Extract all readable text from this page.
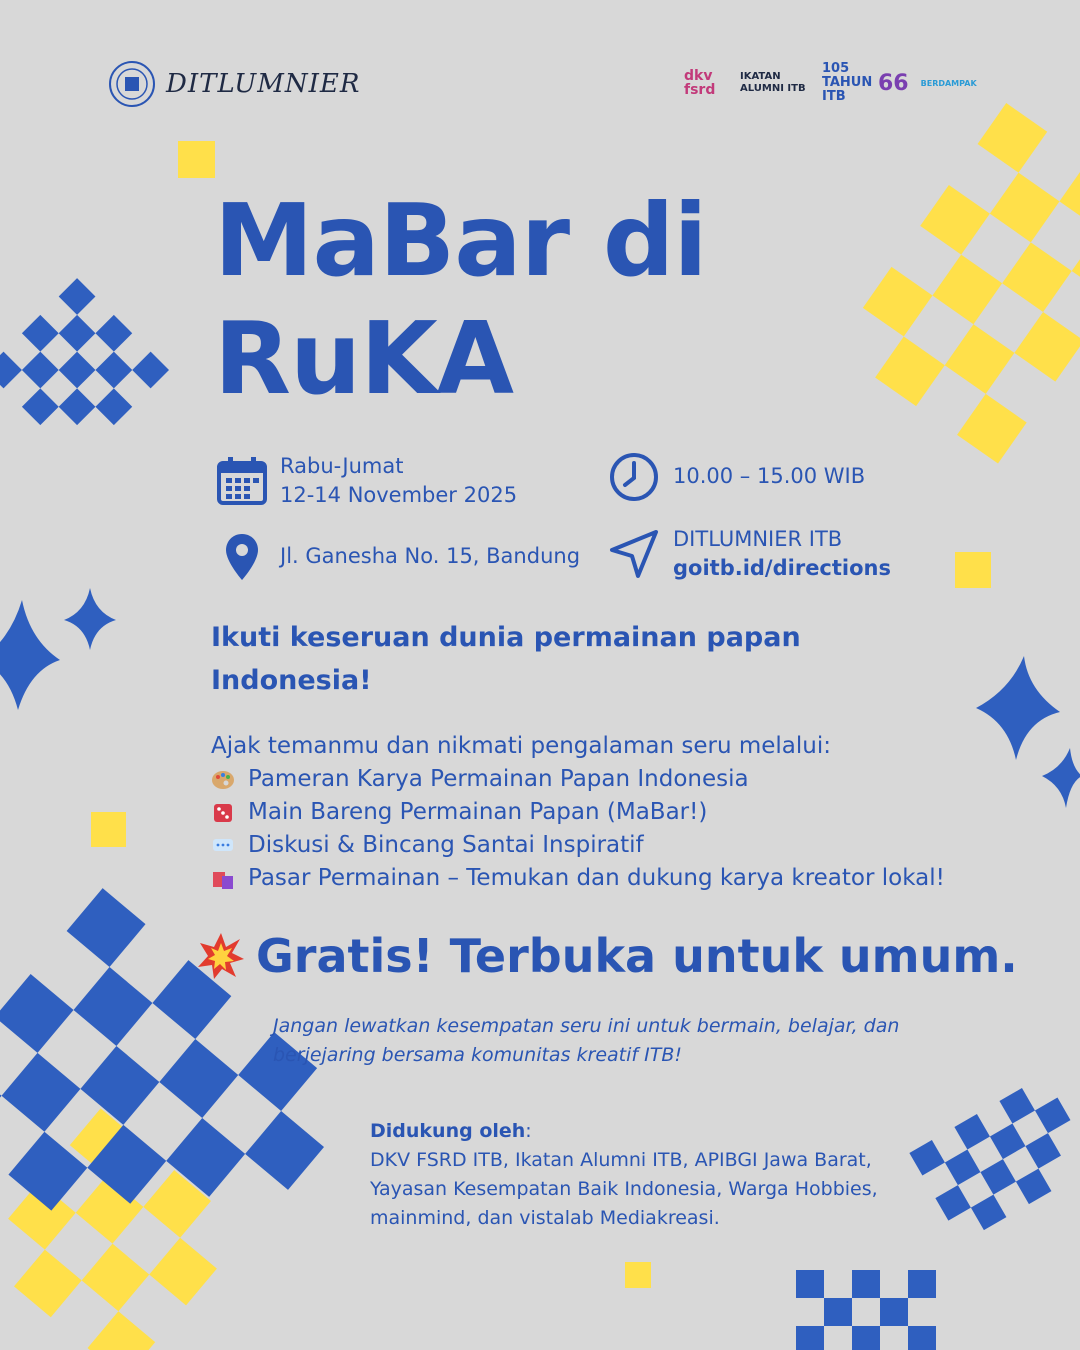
DITLUMNIER	dkv fsrd
IKATAN ALUMNI ITB
105 TAHUN ITB
66 BERDAMPAK
MaBar di
RuKA
Rabu-Jumat
12-14 November 2025
10.00 – 15.00 WIB
Jl. Ganesha No. 15, Bandung
DITLUMNIER ITB
goitb.id/directions
Ikuti keseruan dunia permainan papan Indonesia!
Ajak temanmu dan nikmati pengalaman seru melalui:
Pameran Karya Permainan Papan Indonesia
Main Bareng Permainan Papan (MaBar!)
Diskusi & Bincang Santai Inspiratif
Pasar Permainan – Temukan dan dukung karya kreator lokal!
Gratis! Terbuka untuk umum.
Jangan lewatkan kesempatan seru ini untuk bermain, belajar, dan berjejaring bersama komunitas kreatif ITB!
Didukung oleh:
DKV FSRD ITB, Ikatan Alumni ITB, APIBGI Jawa Barat, Yayasan Kesempatan Baik Indonesia, Warga Hobbies, mainmind, dan vistalab Mediakreasi.
